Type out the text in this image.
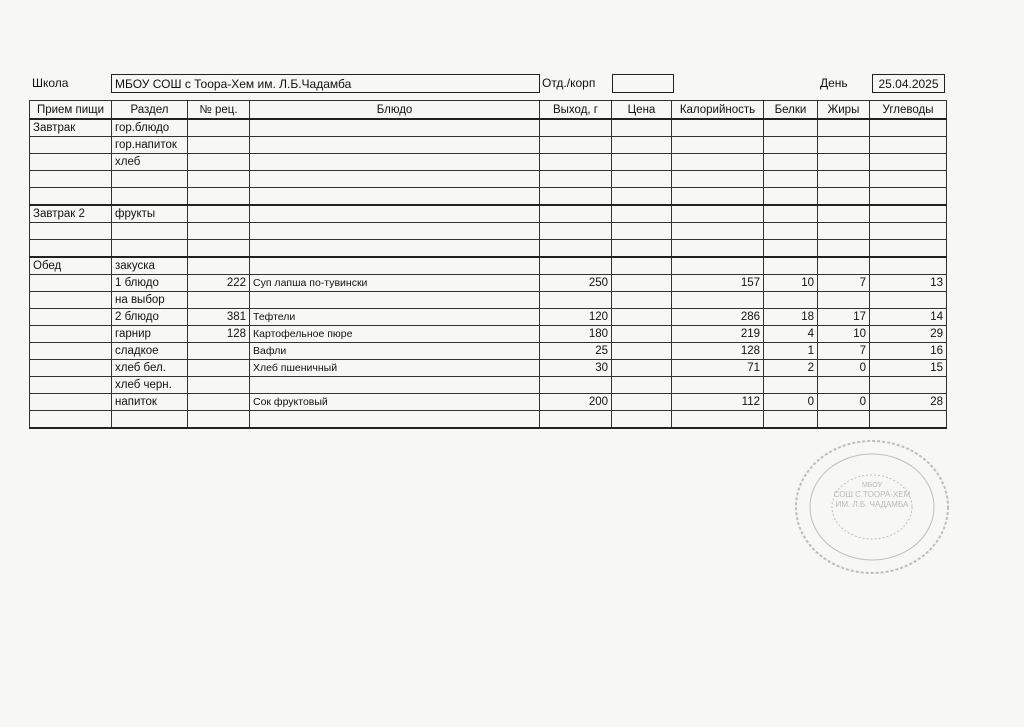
Школа	МБОУ СОШ с Тоора-Хем им. Л.Б.Чадамба	Отд./корп	День	25.04.2025
Прием пищи	Раздел	№ рец.	Блюдо	Выход, г	Цена	Калорийность	Белки	Жиры	Углеводы
Завтрак	гор.блюдо								
	гор.напиток								
	хлеб								

Завтрак 2	фрукты								

Обед	закуска								
	1 блюдо	222	Суп лапша по-тувински	250		157	10	7	13
	на выбор								
	2 блюдо	381	Тефтели	120		286	18	17	14
	гарнир	128	Картофельное пюре	180		219	4	10	29
	сладкое		Вафли	25		128	1	7	16
	хлеб бел.		Хлеб пшеничный	30		71	2	0	15
	хлеб черн.								
	напиток		Сок фруктовый	200		112	0	0	28

МБОУ
СОШ С.ТООРА-ХЕМ
ИМ. Л.Б. ЧАДАМБА
